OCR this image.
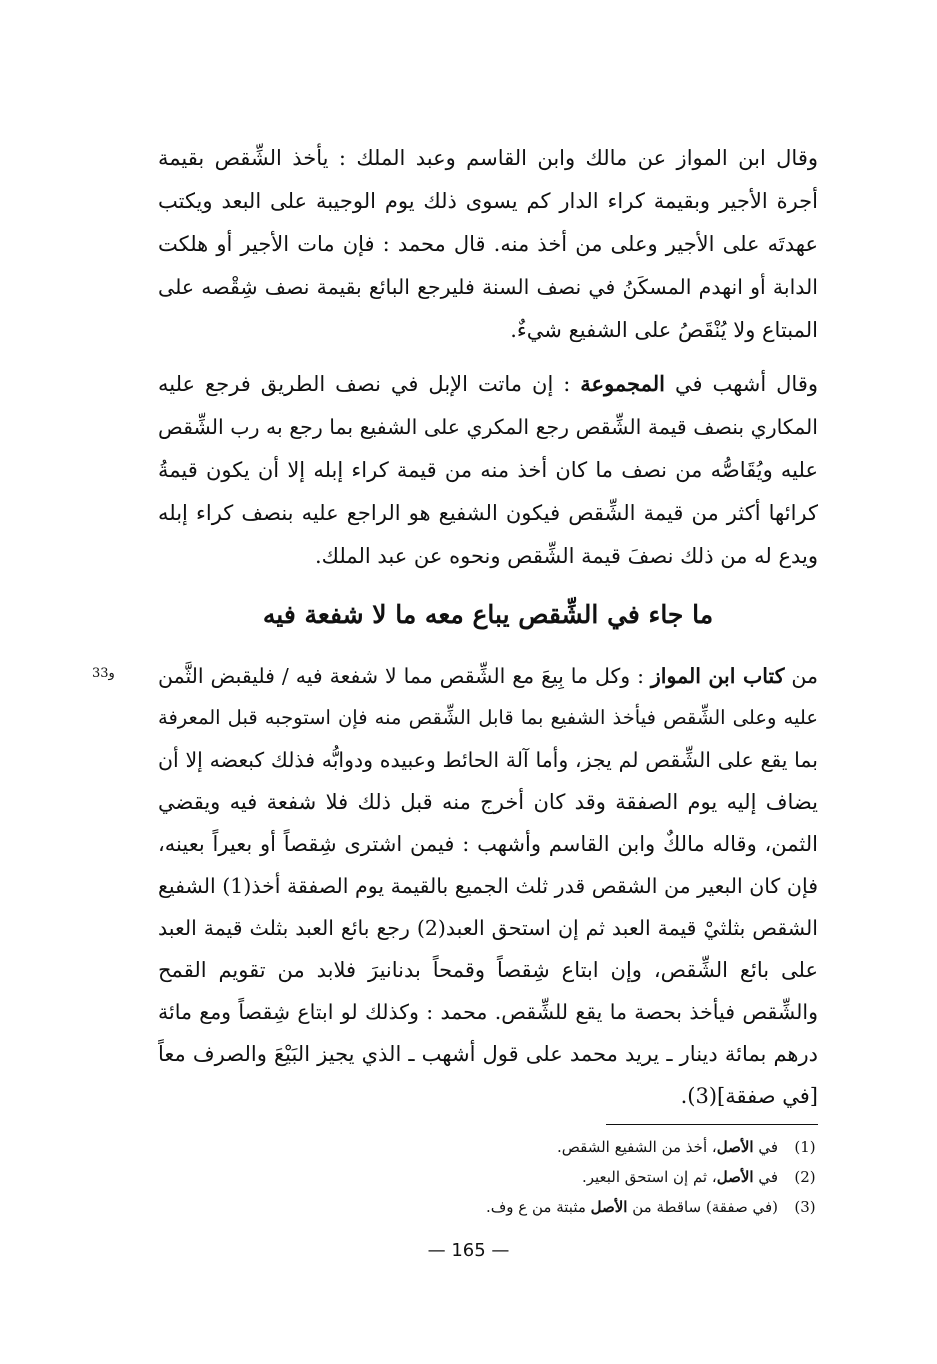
وقال ابن المواز عن مالك وابن القاسم وعبد الملك : يأخذ الشِّقص بقيمة
أجرة الأجير وبقيمة كراء الدار كم يسوى ذلك يوم الوجيبة على البعد ويكتب
عهدتَه على الأجير وعلى من أخذ منه. قال محمد : فإن مات الأجير أو هلكت
الدابة أو انهدم المسكَنُ في نصف السنة فليرجع البائع بقيمة نصف شِقْصه على
المبتاع ولا يُنْقَصُ على الشفيع شيءٌ.
وقال أشهب في المجموعة : إن ماتت الإبل في نصف الطريق فرجع عليه
المكاري بنصف قيمة الشِّقص رجع المكري على الشفيع بما رجع به رب الشِّقص
عليه ويُقَاصُّه من نصف ما كان أخذ منه من قيمة كراء إبله إلا أن يكون قيمةُ
كرائها أكثر من قيمة الشِّقص فيكون الشفيع هو الراجع عليه بنصف كراء إبله
ويدع له من ذلك نصفَ قيمة الشِّقص ونحوه عن عبد الملك.
ما جاء في الشِّقص يباع معه ما لا شفعة فيه
33و	من كتاب ابن المواز : وكل ما بِيعَ مع الشِّقص مما لا شفعة فيه / فليقبض الثَّمن
عليه وعلى الشِّقص فيأخذ الشفيع بما قابل الشِّقص منه فإن استوجبه قبل المعرفة
بما يقع على الشِّقص لم يجز، وأما آلة الحائط وعبيده ودوابُّه فذلك كبعضه إلا أن
يضاف إليه يوم الصفقة وقد كان أخرج منه قبل ذلك فلا شفعة فيه ويقضي
الثمن، وقاله مالكٌ وابن القاسم وأشهب : فيمن اشترى شِقصاً أو بعيراً بعينه،
فإن كان البعير من الشقص قدر ثلث الجميع بالقيمة يوم الصفقة أخذ(1) الشفيع
الشقص بثلثيْ قيمة العبد ثم إن استحق العبد(2) رجع بائع العبد بثلث قيمة العبد
على بائع الشِّقص، وإن ابتاع شِقصاً وقمحاً بدنانيرَ فلابد من تقويم القمح
والشِّقص فيأخذ بحصة ما يقع للشِّقص. محمد : وكذلك لو ابتاع شِقصاً ومع مائة
درهم بمائة دينار ـ يريد محمد على قول أشهب ـ الذي يجيز البَيْعَ والصرف معاً
[في صفقة](3).
(1)
في الأصل، أخذ من الشفيع الشقص.
(2)
في الأصل، ثم إن استحق البعير.
(3)
(في صفقة) ساقطة من الأصل مثبتة من ع وف.
— 165 —
